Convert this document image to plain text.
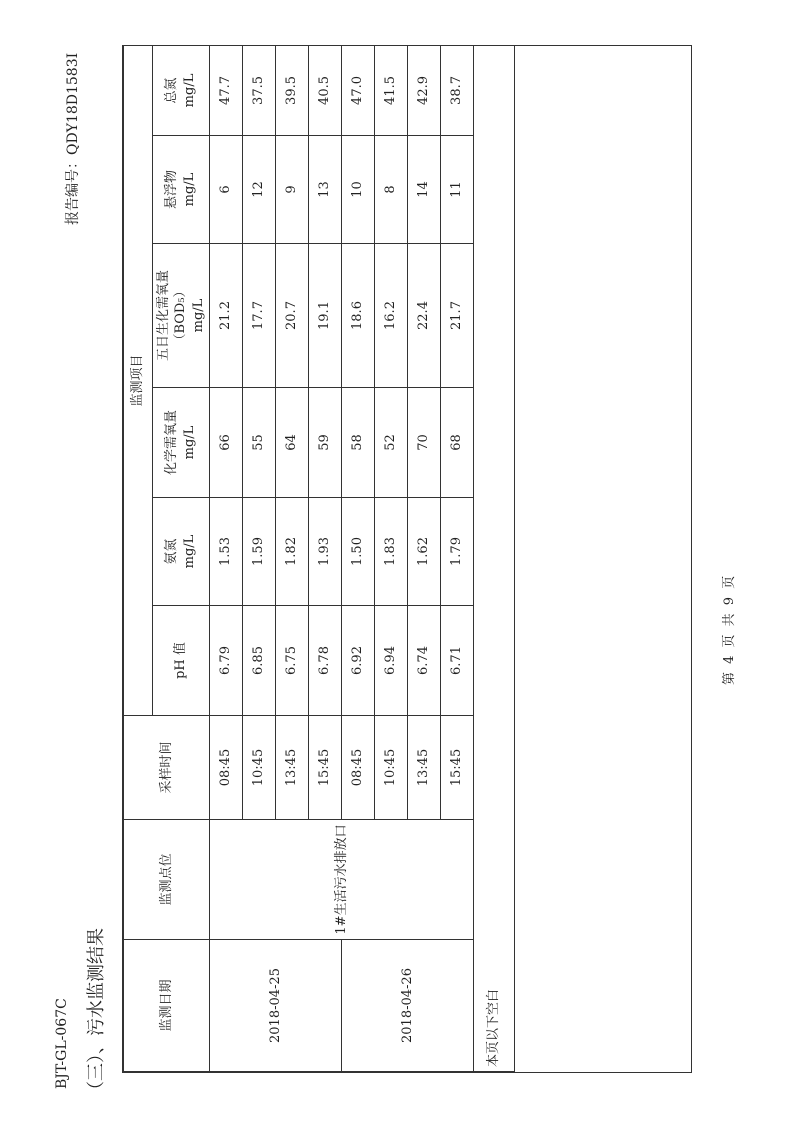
BJT-GL-067C （三）、污水监测结果
报告编号：QDY18D1583I
监测日期	监测点位	采样时间	监测项目					
			pH 值	氨氮 mg/L	化学需氧量 mg/L	五日生化需氧量 （BOD₅） mg/L	悬浮物 mg/L	总氮 mg/L
2018-04-25	1#生活污水排放口	08:45	6.79	1.53	66	21.2	6	47.7
		10:45	6.85	1.59	55	17.7	12	37.5
		13:45	6.75	1.82	64	20.7	9	39.5
		15:45	6.78	1.93	59	19.1	13	40.5
2018-04-26		08:45	6.92	1.50	58	18.6	10	47.0
		10:45	6.94	1.83	52	16.2	8	41.5
		13:45	6.74	1.62	70	22.4	14	42.9
		15:45	6.71	1.79	68	21.7	11	38.7
本页以下空白								
第 4 页 共 9 页
